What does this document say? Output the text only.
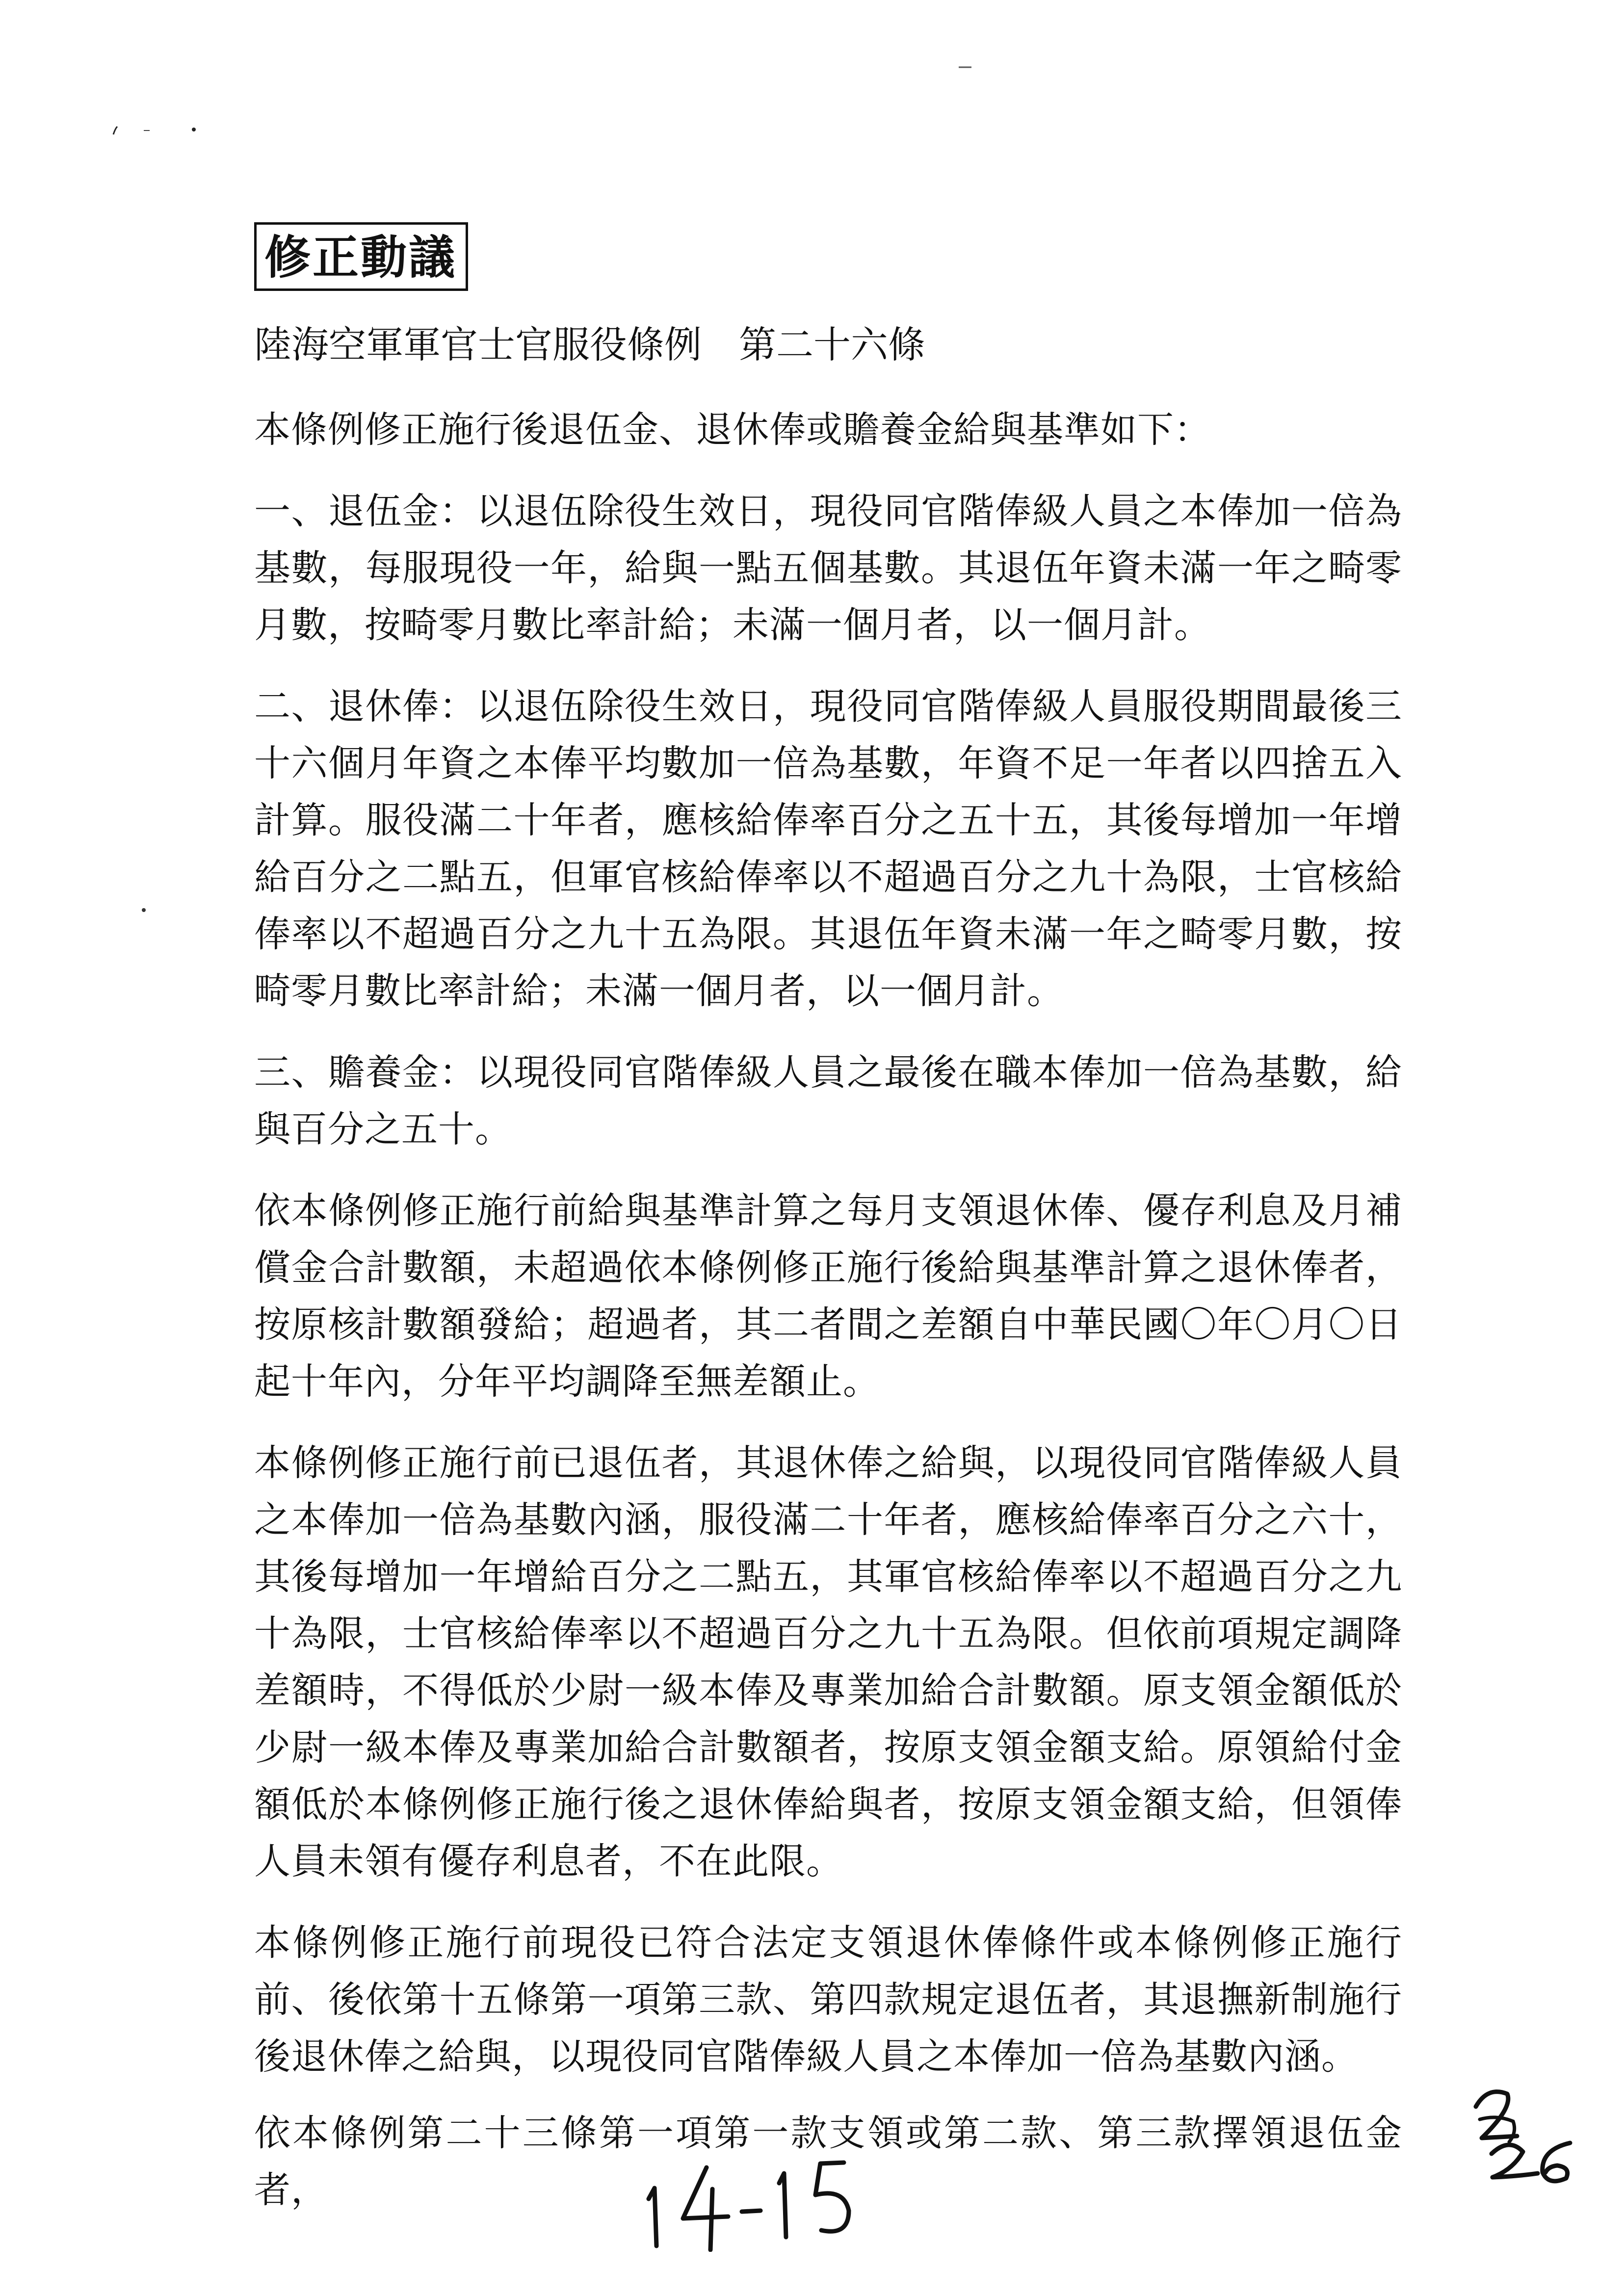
修正動議
陸海空軍軍官士官服役條例　第二十六條

本條例修正施行後退伍金、退休俸或贍養金給與基準如下：

一、退伍金：以退伍除役生效日，現役同官階俸級人員之本俸加一倍為基數，每服現役一年，給與一點五個基數。其退伍年資未滿一年之畸零月數，按畸零月數比率計給；未滿一個月者，以一個月計。

二、退休俸：以退伍除役生效日，現役同官階俸級人員服役期間最後三十六個月年資之本俸平均數加一倍為基數，年資不足一年者以四捨五入計算。服役滿二十年者，應核給俸率百分之五十五，其後每增加一年增給百分之二點五，但軍官核給俸率以不超過百分之九十為限，士官核給俸率以不超過百分之九十五為限。其退伍年資未滿一年之畸零月數，按畸零月數比率計給；未滿一個月者，以一個月計。

三、贍養金：以現役同官階俸級人員之最後在職本俸加一倍為基數，給與百分之五十。

依本條例修正施行前給與基準計算之每月支領退休俸、優存利息及月補償金合計數額，未超過依本條例修正施行後給與基準計算之退休俸者，按原核計數額發給；超過者，其二者間之差額自中華民國〇年〇月〇日起十年內，分年平均調降至無差額止。

本條例修正施行前已退伍者，其退休俸之給與，以現役同官階俸級人員之本俸加一倍為基數內涵，服役滿二十年者，應核給俸率百分之六十，其後每增加一年增給百分之二點五，其軍官核給俸率以不超過百分之九十為限，士官核給俸率以不超過百分之九十五為限。但依前項規定調降差額時，不得低於少尉一級本俸及專業加給合計數額。原支領金額低於少尉一級本俸及專業加給合計數額者，按原支領金額支給。原領給付金額低於本條例修正施行後之退休俸給與者，按原支領金額支給，但領俸人員未領有優存利息者，不在此限。

本條例修正施行前現役已符合法定支領退休俸條件或本條例修正施行前、後依第十五條第一項第三款、第四款規定退伍者，其退撫新制施行後退休俸之給與，以現役同官階俸級人員之本俸加一倍為基數內涵。

依本條例第二十三條第一項第一款支領或第二款、第三款擇領退伍金者，
